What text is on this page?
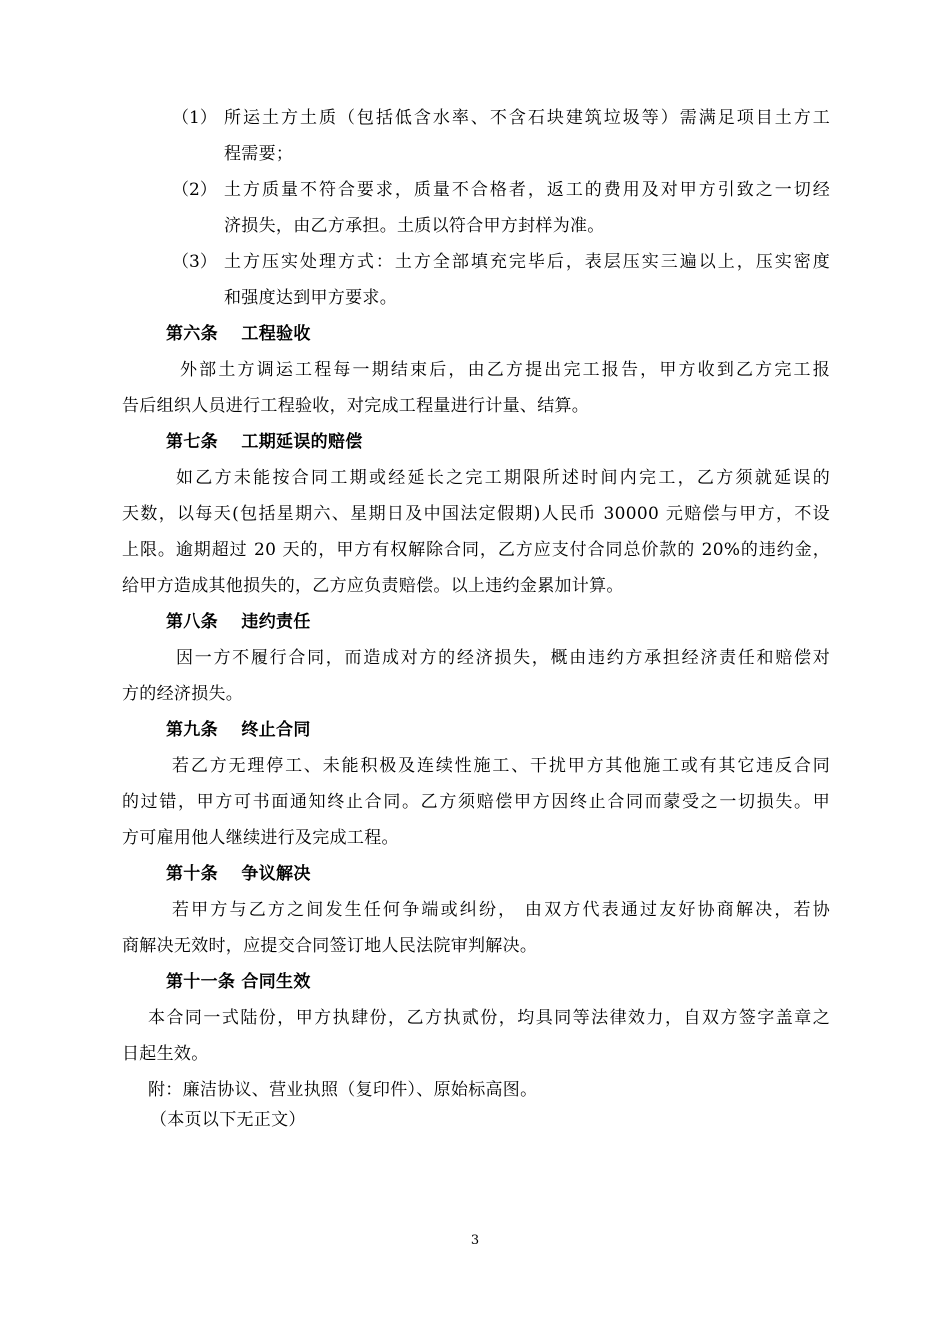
（1） 所运土方土质（包括低含水率、不含石块建筑垃圾等）需满足项目土方工
程需要；
（2） 土方质量不符合要求，质量不合格者，返工的费用及对甲方引致之一切经
济损失，由乙方承担。土质以符合甲方封样为准。
（3） 土方压实处理方式：土方全部填充完毕后，表层压实三遍以上，压实密度
和强度达到甲方要求。
第六条　 工程验收
外部土方调运工程每一期结束后，由乙方提出完工报告，甲方收到乙方完工报
告后组织人员进行工程验收，对完成工程量进行计量、结算。
第七条　 工期延误的赔偿
如乙方未能按合同工期或经延长之完工期限所述时间内完工，乙方须就延误的
天数，以每天(包括星期六、星期日及中国法定假期)人民币 30000 元赔偿与甲方，不设
上限。逾期超过 20 天的，甲方有权解除合同，乙方应支付合同总价款的 20%的违约金，
给甲方造成其他损失的，乙方应负责赔偿。以上违约金累加计算。
第八条　 违约责任
因一方不履行合同，而造成对方的经济损失，概由违约方承担经济责任和赔偿对
方的经济损失。
第九条　 终止合同
若乙方无理停工、未能积极及连续性施工、干扰甲方其他施工或有其它违反合同
的过错，甲方可书面通知终止合同。乙方须赔偿甲方因终止合同而蒙受之一切损失。甲
方可雇用他人继续进行及完成工程。
第十条　 争议解决
若甲方与乙方之间发生任何争端或纠纷， 由双方代表通过友好协商解决，若协
商解决无效时，应提交合同签订地人民法院审判解决。
第十一条 合同生效
本合同一式陆份，甲方执肆份，乙方执贰份，均具同等法律效力，自双方签字盖章之
日起生效。
附：廉洁协议、营业执照（复印件）、原始标高图。
（本页以下无正文）
3
